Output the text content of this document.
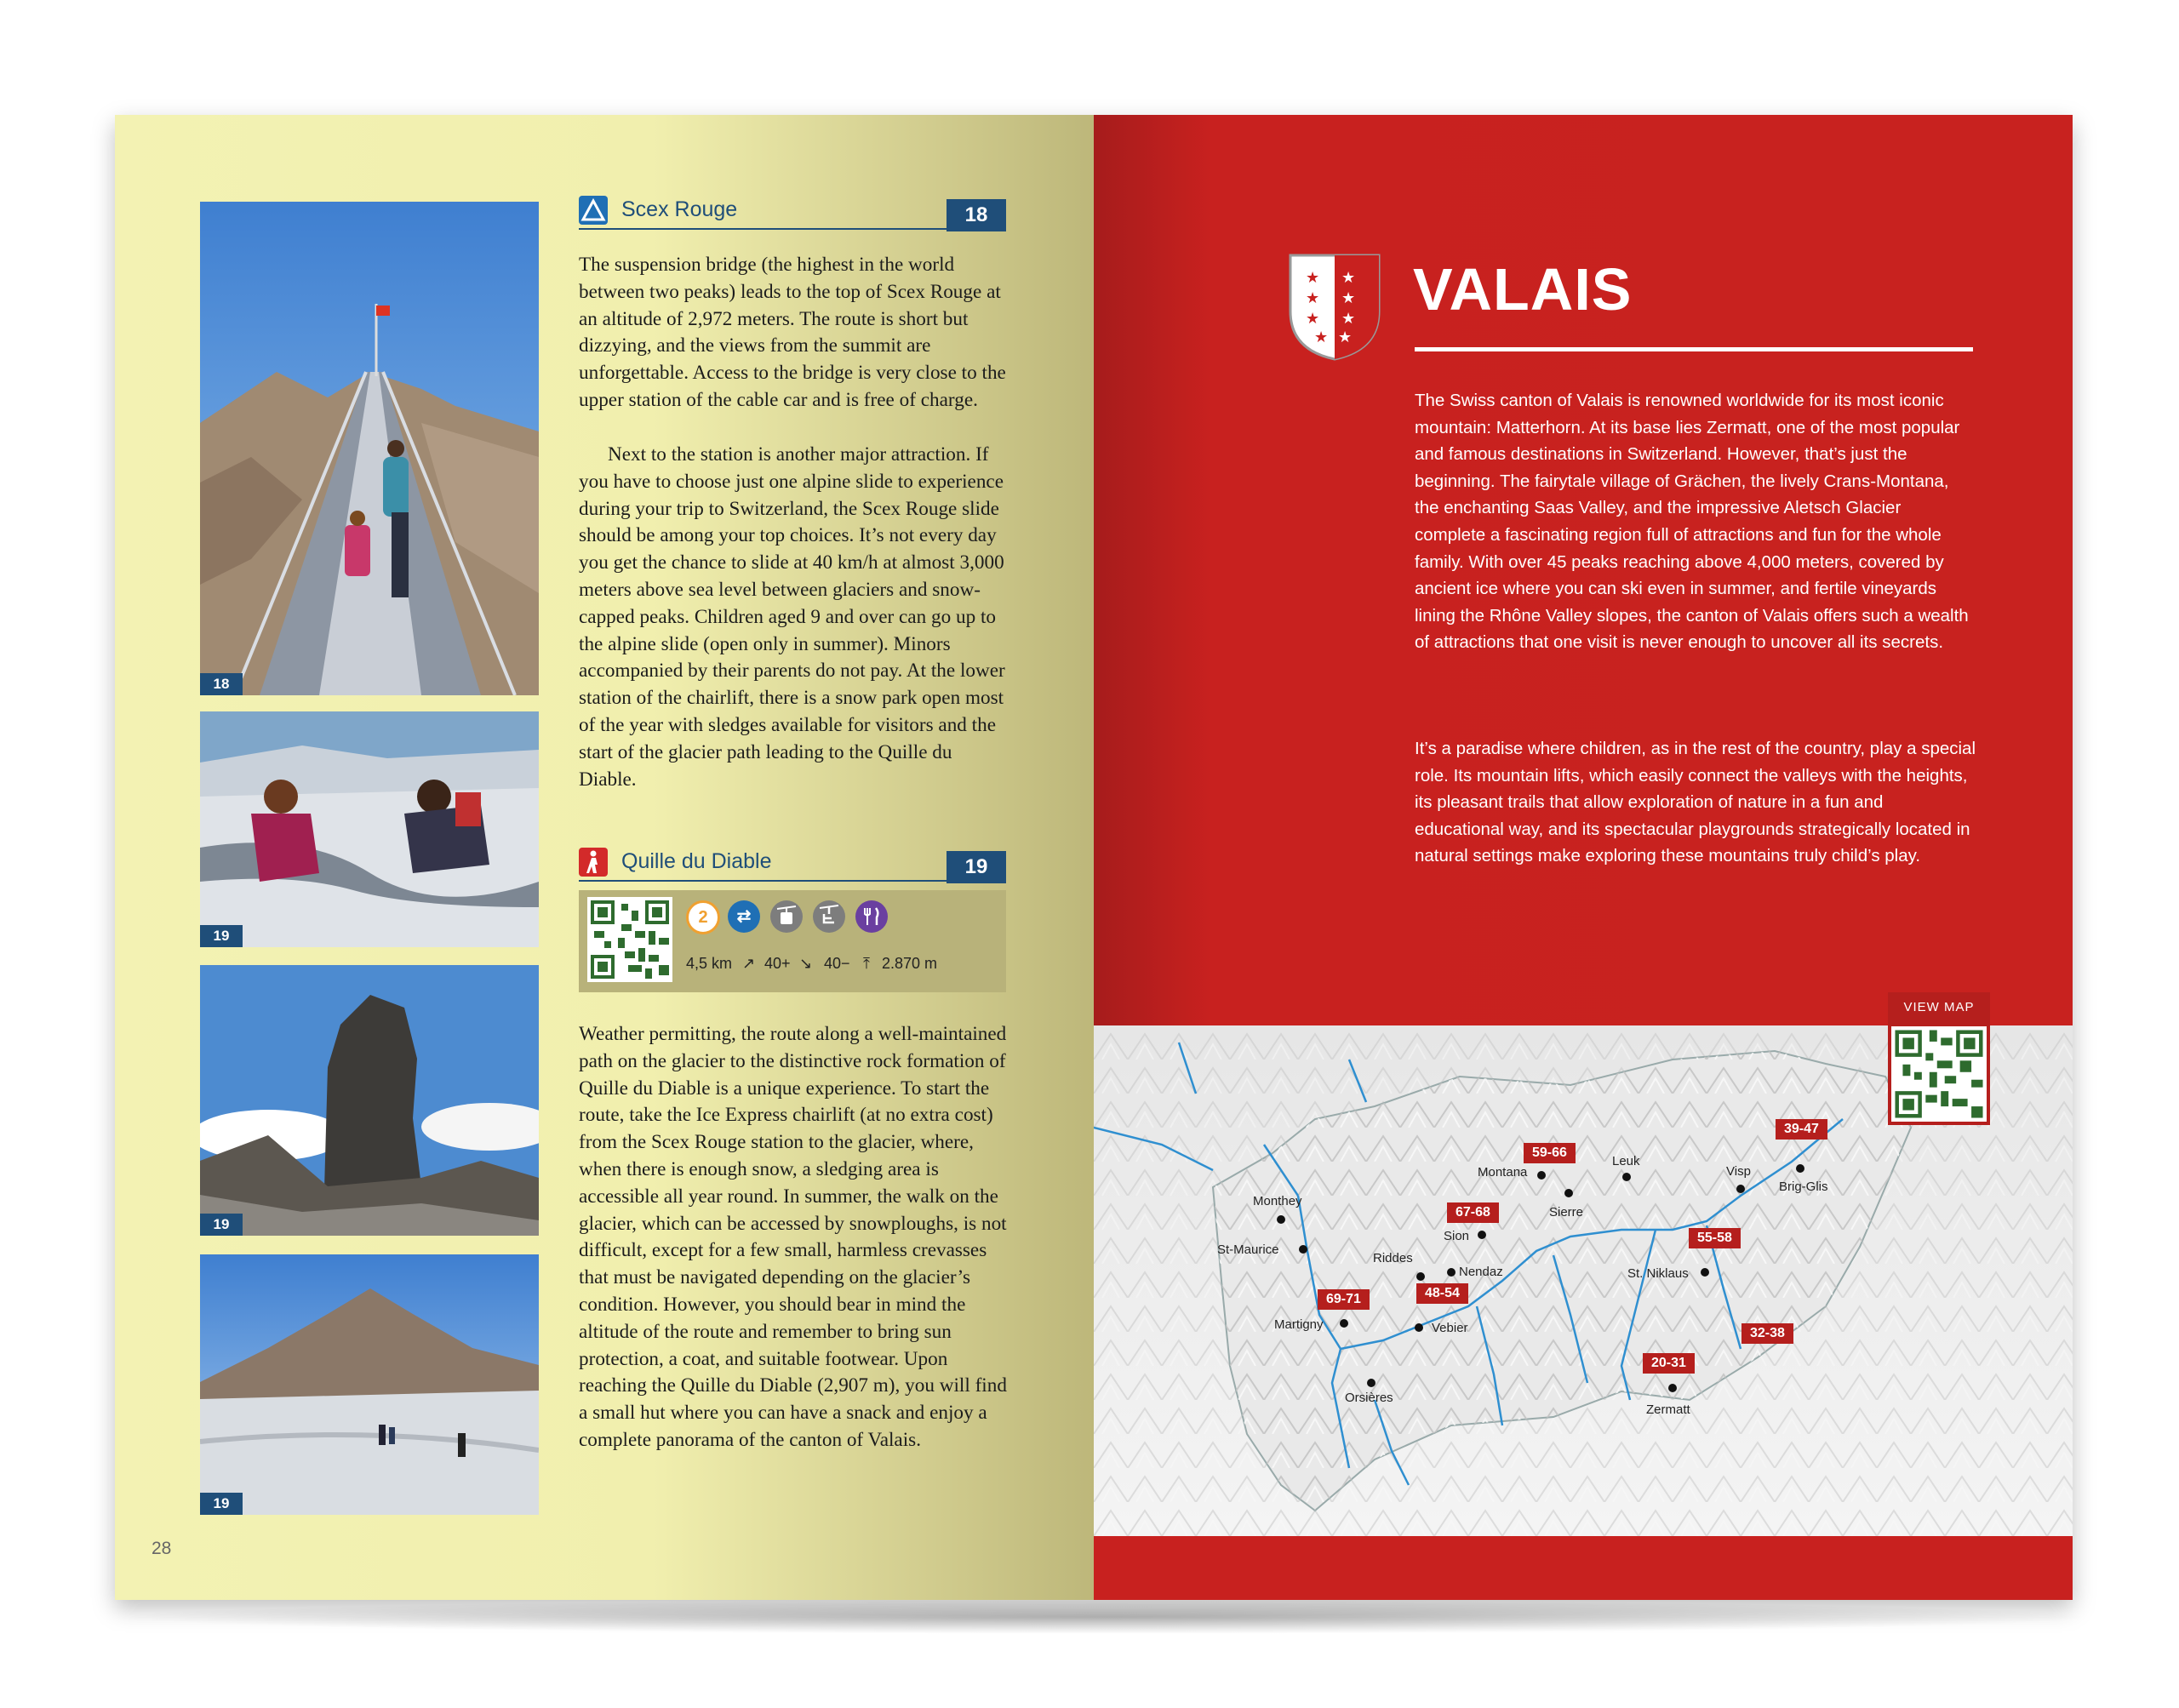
18
19
19
19
Scex Rouge	18

The suspension bridge (the highest in the world between two peaks) leads to the top of Scex Rouge at an altitude of 2,972 meters. The route is short but dizzying, and the views from the summit are unforgettable. Access to the bridge is very close to the upper station of the cable car and is free of charge.

Next to the station is another major attraction. If you have to choose just one alpine slide to experience during your trip to Switzerland, the Scex Rouge slide should be among your top choices. It’s not every day you get the chance to slide at 40 km/h at almost 3,000 meters above sea level between glaciers and snow-capped peaks. Children aged 9 and over can go up to the alpine slide (open only in summer). Minors accompanied by their parents do not pay. At the lower station of the chairlift, there is a snow park open most of the year with sledges available for visitors and the start of the glacier path leading to the Quille du Diable.

Quille du Diable	19
2	⇄
4,5 km ↗ 40+ ↘ 40− ⤒ 2.870 m

Weather permitting, the route along a well-maintained path on the glacier to the distinctive rock formation of Quille du Diable is a unique experience. To start the route, take the Ice Express chairlift (at no extra cost) from the Scex Rouge station to the glacier, where, when there is enough snow, a sledging area is accessible all year round. In summer, the walk on the glacier, which can be accessed by snowploughs, is not difficult, except for a few small, harmless crevasses that must be navigated depending on the glacier’s condition. However, you should bear in mind the altitude of the route and remember to bring sun protection, a coat, and suitable footwear. Upon reaching the Quille du Diable (2,907 m), you will find a small hut where you can have a snack and enjoy a complete panorama of the canton of Valais.

28
★
★
★
★
★
★
★
★
VALAIS

The Swiss canton of Valais is renowned worldwide for its most iconic mountain: Matterhorn. At its base lies Zermatt, one of the most popular and famous destinations in Switzerland. However, that’s just the beginning. The fairytale village of Grächen, the lively Crans-Montana, the enchanting Saas Valley, and the impressive Aletsch Glacier complete a fascinating region full of attractions and fun for the whole family. With over 45 peaks reaching above 4,000 meters, covered by ancient ice where you can ski even in summer, and fertile vineyards lining the Rhône Valley slopes, the canton of Valais offers such a wealth of attractions that one visit is never enough to uncover all its secrets.

It’s a paradise where children, as in the rest of the country, play a special role. Its mountain lifts, which easily connect the valleys with the heights, its pleasant trails that allow exploration of nature in a fun and educational way, and its spectacular playgrounds strategically located in natural settings make exploring these mountains truly child’s play.

Monthey
St-Maurice
Martigny
Riddes
Sion
Nendaz
Vebier
Orsières
Montana
Sierre
Leuk
Visp
Brig-Glis
St. Niklaus
Zermatt
59-66
67-68
69-71	48-54
39-47
55-58
32-38
20-31
VIEW MAP
